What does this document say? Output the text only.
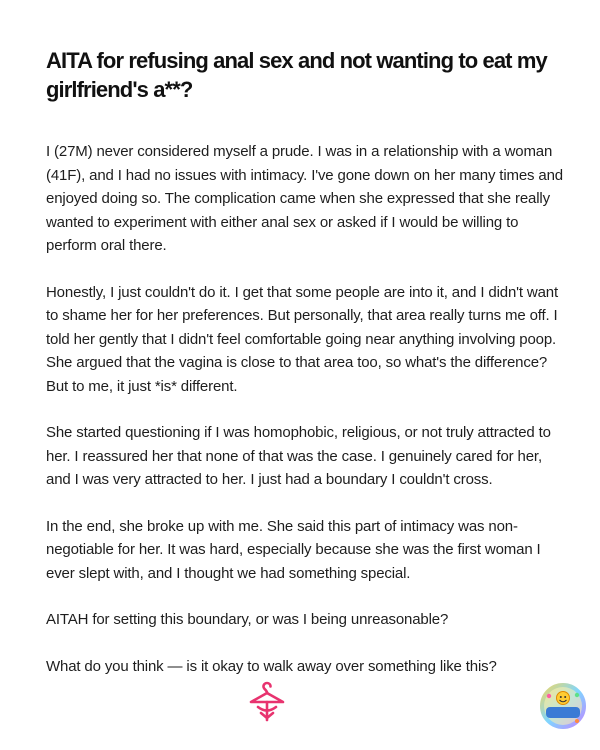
AITA for refusing anal sex and not wanting to eat my girlfriend's a**?

I (27M) never considered myself a prude. I was in a relationship with a woman (41F), and I had no issues with intimacy. I've gone down on her many times and enjoyed doing so. The complication came when she expressed that she really wanted to experiment with either anal sex or asked if I would be willing to perform oral there.

Honestly, I just couldn't do it. I get that some people are into it, and I didn't want to shame her for her preferences. But personally, that area really turns me off. I told her gently that I didn't feel comfortable going near anything involving poop. She argued that the vagina is close to that area too, so what's the difference? But to me, it just *is* different.

She started questioning if I was homophobic, religious, or not truly attracted to her. I reassured her that none of that was the case. I genuinely cared for her, and I was very attracted to her. I just had a boundary I couldn't cross.

In the end, she broke up with me. She said this part of intimacy was non-negotiable for her. It was hard, especially because she was the first woman I ever slept with, and I thought we had something special.

AITAH for setting this boundary, or was I being unreasonable?

What do you think — is it okay to walk away over something like this?
